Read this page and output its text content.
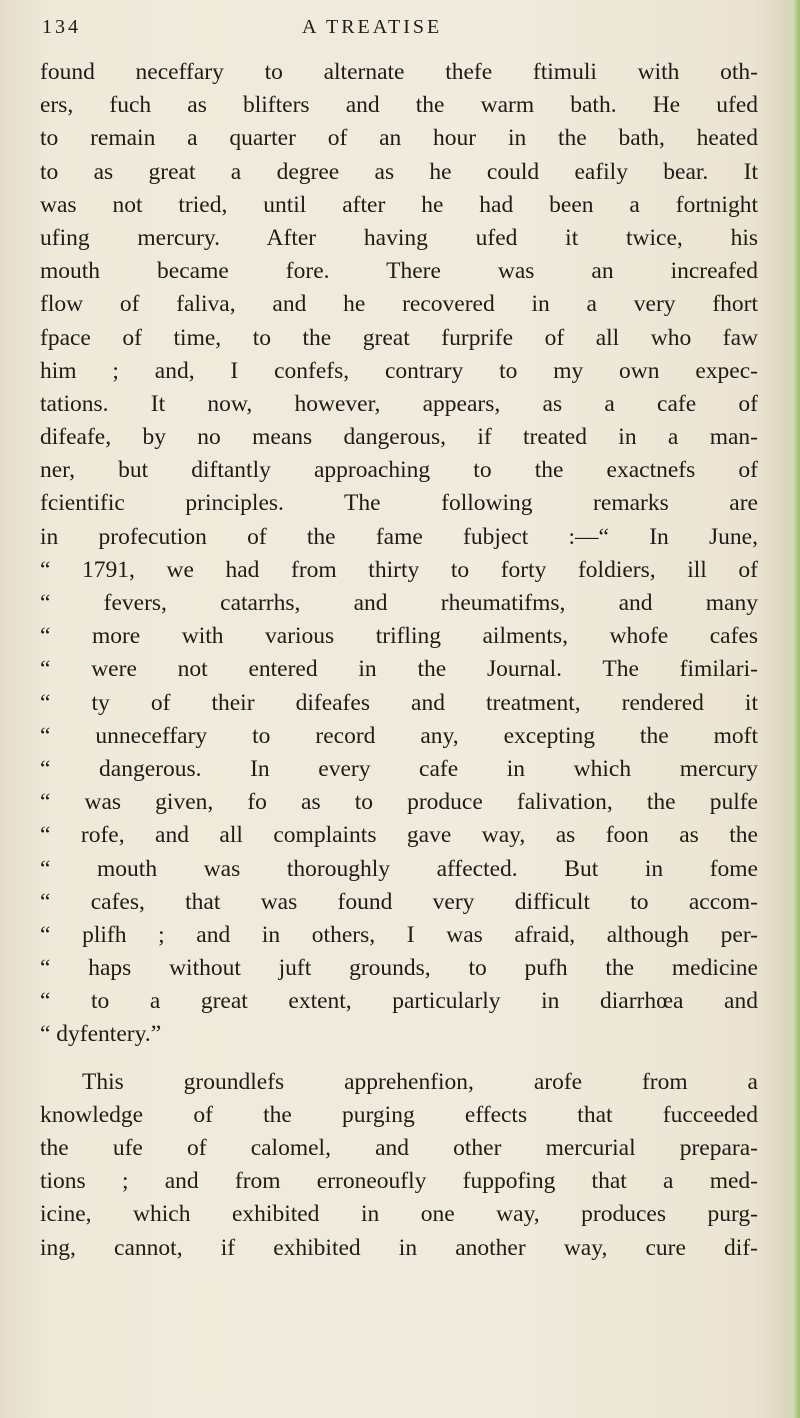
134	A TREATISE
found neceffary to alternate thefe ftimuli with oth-
ers, fuch as blifters and the warm bath. He ufed
to remain a quarter of an hour in the bath, heated
to as great a degree as he could eafily bear. It
was not tried, until after he had been a fortnight
ufing mercury. After having ufed it twice, his
mouth became fore. There was an increafed
flow of faliva, and he recovered in a very fhort
fpace of time, to the great furprife of all who faw
him ; and, I confefs, contrary to my own expec-
tations. It now, however, appears, as a cafe of
difeafe, by no means dangerous, if treated in a man-
ner, but diftantly approaching to the exactnefs of
fcientific principles. The following remarks are
in profecution of the fame fubject :—“ In June,
“ 1791, we had from thirty to forty foldiers, ill of
“ fevers, catarrhs, and rheumatifms, and many
“ more with various trifling ailments, whofe cafes
“ were not entered in the Journal. The fimilari-
“ ty of their difeafes and treatment, rendered it
“ unneceffary to record any, excepting the moft
“ dangerous. In every cafe in which mercury
“ was given, fo as to produce falivation, the pulfe
“ rofe, and all complaints gave way, as foon as the
“ mouth was thoroughly affected. But in fome
“ cafes, that was found very difficult to accom-
“ plifh ; and in others, I was afraid, although per-
“ haps without juft grounds, to pufh the medicine
“ to a great extent, particularly in diarrhœa and
“ dyfentery.”
This groundlefs apprehenfion, arofe from a
knowledge of the purging effects that fucceeded
the ufe of calomel, and other mercurial prepara-
tions ; and from erroneoufly fuppofing that a med-
icine, which exhibited in one way, produces purg-
ing, cannot, if exhibited in another way, cure dif-
